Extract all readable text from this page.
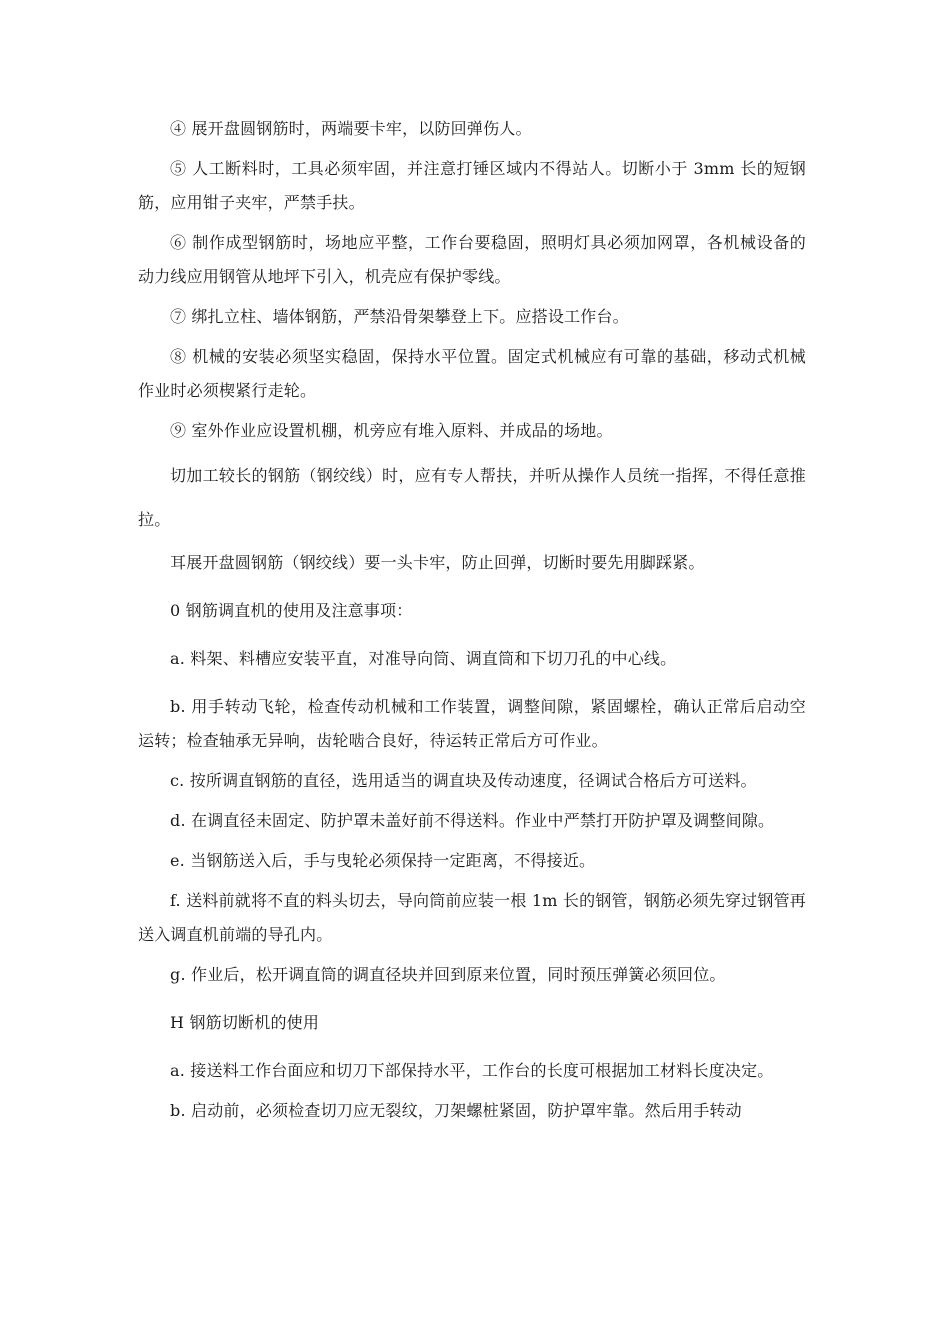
④ 展开盘圆钢筋时，两端要卡牢，以防回弹伤人。

⑤ 人工断料时，工具必须牢固，并注意打锤区域内不得站人。切断小于 3mm 长的短钢筋，应用钳子夹牢，严禁手扶。

⑥ 制作成型钢筋时，场地应平整，工作台要稳固，照明灯具必须加网罩，各机械设备的动力线应用钢管从地坪下引入，机壳应有保护零线。

⑦ 绑扎立柱、墙体钢筋，严禁沿骨架攀登上下。应搭设工作台。

⑧ 机械的安装必须坚实稳固，保持水平位置。固定式机械应有可靠的基础，移动式机械作业时必须楔紧行走轮。

⑨ 室外作业应设置机棚，机旁应有堆入原料、并成品的场地。

切加工较长的钢筋（钢绞线）时，应有专人帮扶，并听从操作人员统一指挥，不得任意推拉。

耳展开盘圆钢筋（钢绞线）要一头卡牢，防止回弹，切断时要先用脚踩紧。

0 钢筋调直机的使用及注意事项：

a. 料架、料槽应安装平直，对准导向筒、调直筒和下切刀孔的中心线。

b. 用手转动飞轮，检查传动机械和工作装置，调整间隙，紧固螺栓，确认正常后启动空运转；检查轴承无异响，齿轮啮合良好，待运转正常后方可作业。

c. 按所调直钢筋的直径，选用适当的调直块及传动速度，径调试合格后方可送料。

d. 在调直径未固定、防护罩未盖好前不得送料。作业中严禁打开防护罩及调整间隙。

e. 当钢筋送入后，手与曳轮必须保持一定距离，不得接近。

f. 送料前就将不直的料头切去，导向筒前应装一根 1m 长的钢管，钢筋必须先穿过钢管再送入调直机前端的导孔内。

g. 作业后，松开调直筒的调直径块并回到原来位置，同时预压弹簧必须回位。

H 钢筋切断机的使用

a. 接送料工作台面应和切刀下部保持水平，工作台的长度可根据加工材料长度决定。

b. 启动前，必须检查切刀应无裂纹，刀架螺桩紧固，防护罩牢靠。然后用手转动
